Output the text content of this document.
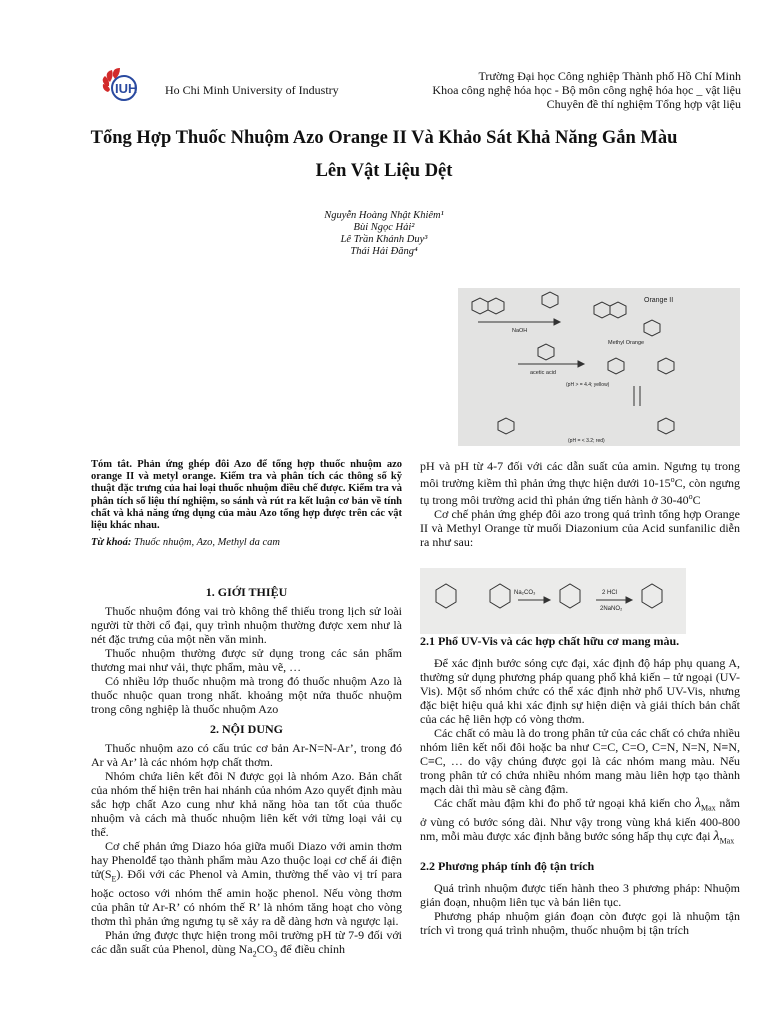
IUH Ho Chi Minh University of Industry
Trường Đại học Công nghiệp Thành phố Hồ Chí Minh
Khoa công nghệ hóa học - Bộ môn công nghệ hóa học _ vật liệu
Chuyên đề thí nghiệm Tổng hợp vật liệu
Tổng Hợp Thuốc Nhuộm Azo Orange II Và Khảo Sát Khả Năng Gắn Màu
Lên Vật Liệu Dệt
Nguyễn Hoàng Nhật Khiêm¹
Bùi Ngọc Hải²
Lê Trần Khánh Duy³
Thái Hải Đăng⁴
Orange II
NaOH
Methyl Orange
acetic acid
(pH > = 4.4; yellow)
(pH = < 3.2; red)
Na₂CO₃	2 HCl
2NaNO₂

Tóm tắt. Phản ứng ghép đôi Azo để tổng hợp thuốc nhuộm azo orange II và metyl orange. Kiểm tra và phân tích các thông số kỹ thuật đặc trưng của hai loại thuốc nhuộm điều chế được. Kiểm tra và phân tích số liệu thí nghiệm, so sánh và rút ra kết luận cơ bản về tính chất và khả năng ứng dụng của màu Azo tổng hợp được trên các vật liệu khác nhau.

Từ khoá: Thuốc nhuộm, Azo, Methyl da cam

1. GIỚI THIỆU

Thuốc nhuộm đóng vai trò không thể thiếu trong lịch sử loài người từ thời cổ đại, quy trình nhuộm thường được xem như là nét đặc trưng của một nền văn minh.

Thuốc nhuộm thường được sử dụng trong các sản phẩm thương mai như vải, thực phẩm, màu vẽ, …

Có nhiều lớp thuốc nhuộm mà trong đó thuốc nhuộm Azo là thuốc nhuộc quan trong nhất. khoảng một nửa thuốc nhuộm trong công nghiệp là thuốc nhuộm Azo

2. NỘI DUNG

Thuốc nhuộm azo có cấu trúc cơ bản Ar-N=N-Ar’, trong đó Ar và Ar’ là các nhóm hợp chất thơm.

Nhóm chứa liên kết đôi N được gọi là nhóm Azo. Bản chất của nhóm thế hiện trên hai nhánh của nhóm Azo quyết định màu sắc hợp chất Azo cung như khả năng hòa tan tốt của thuốc nhuộm và cách mà thuốc nhuộm liên kết với từng loại vải cụ thể.

Cơ chế phản ứng Diazo hóa giữa muối Diazo với amin thơm hay Phenolđể tạo thành phẩm màu Azo thuộc loại cơ chế ái điện $tử(S_E)$. Đối với các Phenol và Amin, thường thế vào vị trí para hoặc octoso với nhóm thế amin hoặc phenol. Nếu vòng thơm của phân tử Ar-R’ có nhóm thế R’ là nhóm tăng hoạt cho vòng thơm thì phản ứng ngưng tụ sẽ xảy ra dễ dàng hơn và ngược lại.

Phản ứng được thực hiện trong môi trường pH từ 7-9 đối với các dẫn suất của Phenol, dùng $Na_2CO_3$ để điều chỉnh

pH và pH từ 4-7 đối với các dẫn suất của amin. Ngưng tụ trong môi trường kiềm thì phản ứng thực hiện dưới 10-15$^o$C, còn ngưng tụ trong môi trường acid thì phản ứng tiến hành ở 30-40$^o$C

Cơ chế phản ứng ghép đôi azo trong quá trình tổng hợp Orange II và Methyl Orange từ muối Diazonium của Acid sunfanilic diễn ra như sau:

2.1 Phổ UV-Vis và các hợp chất hữu cơ mang màu.

Để xác định bước sóng cực đại, xác định độ háp phụ quang A, thường sử dụng phương pháp quang phổ khả kiến – tử ngoại (UV-Vis). Một số nhóm chức có thể xác định nhờ phổ UV-Vis, nhưng đặc biệt hiệu quả khi xác định sự hiện diện và giải thích bản chất của các hệ liên hợp có vòng thơm.

Các chất có màu là do trong phân tử của các chất có chứa nhiều nhóm liên kết nối đôi hoặc ba như C=C, C=O, C=N, N=N, N≡N, C≡C, … do vậy chúng được gọi là các nhóm mang màu. Nếu trong phân tử có chứa nhiều nhóm mang màu liên hợp tạo thành mạch dài thì màu sẽ càng đậm.

Các chất màu đậm khi đo phổ tử ngoại khả kiến cho $\lambda_{Max}$ nằm ở vùng có bước sóng dài. Như vậy trong vùng khả kiến 400-800 nm, mỗi màu được xác định bằng bước sóng hấp thụ cực đại $\lambda_{Max}$

2.2 Phương pháp tính độ tận trích

Quá trình nhuộm được tiến hành theo 3 phương pháp: Nhuộm gián đoạn, nhuộm liên tục và bán liên tục.

Phương pháp nhuộm gián đoạn còn được gọi là nhuộm tận trích vì trong quá trình nhuộm, thuốc nhuộm bị tận trích
